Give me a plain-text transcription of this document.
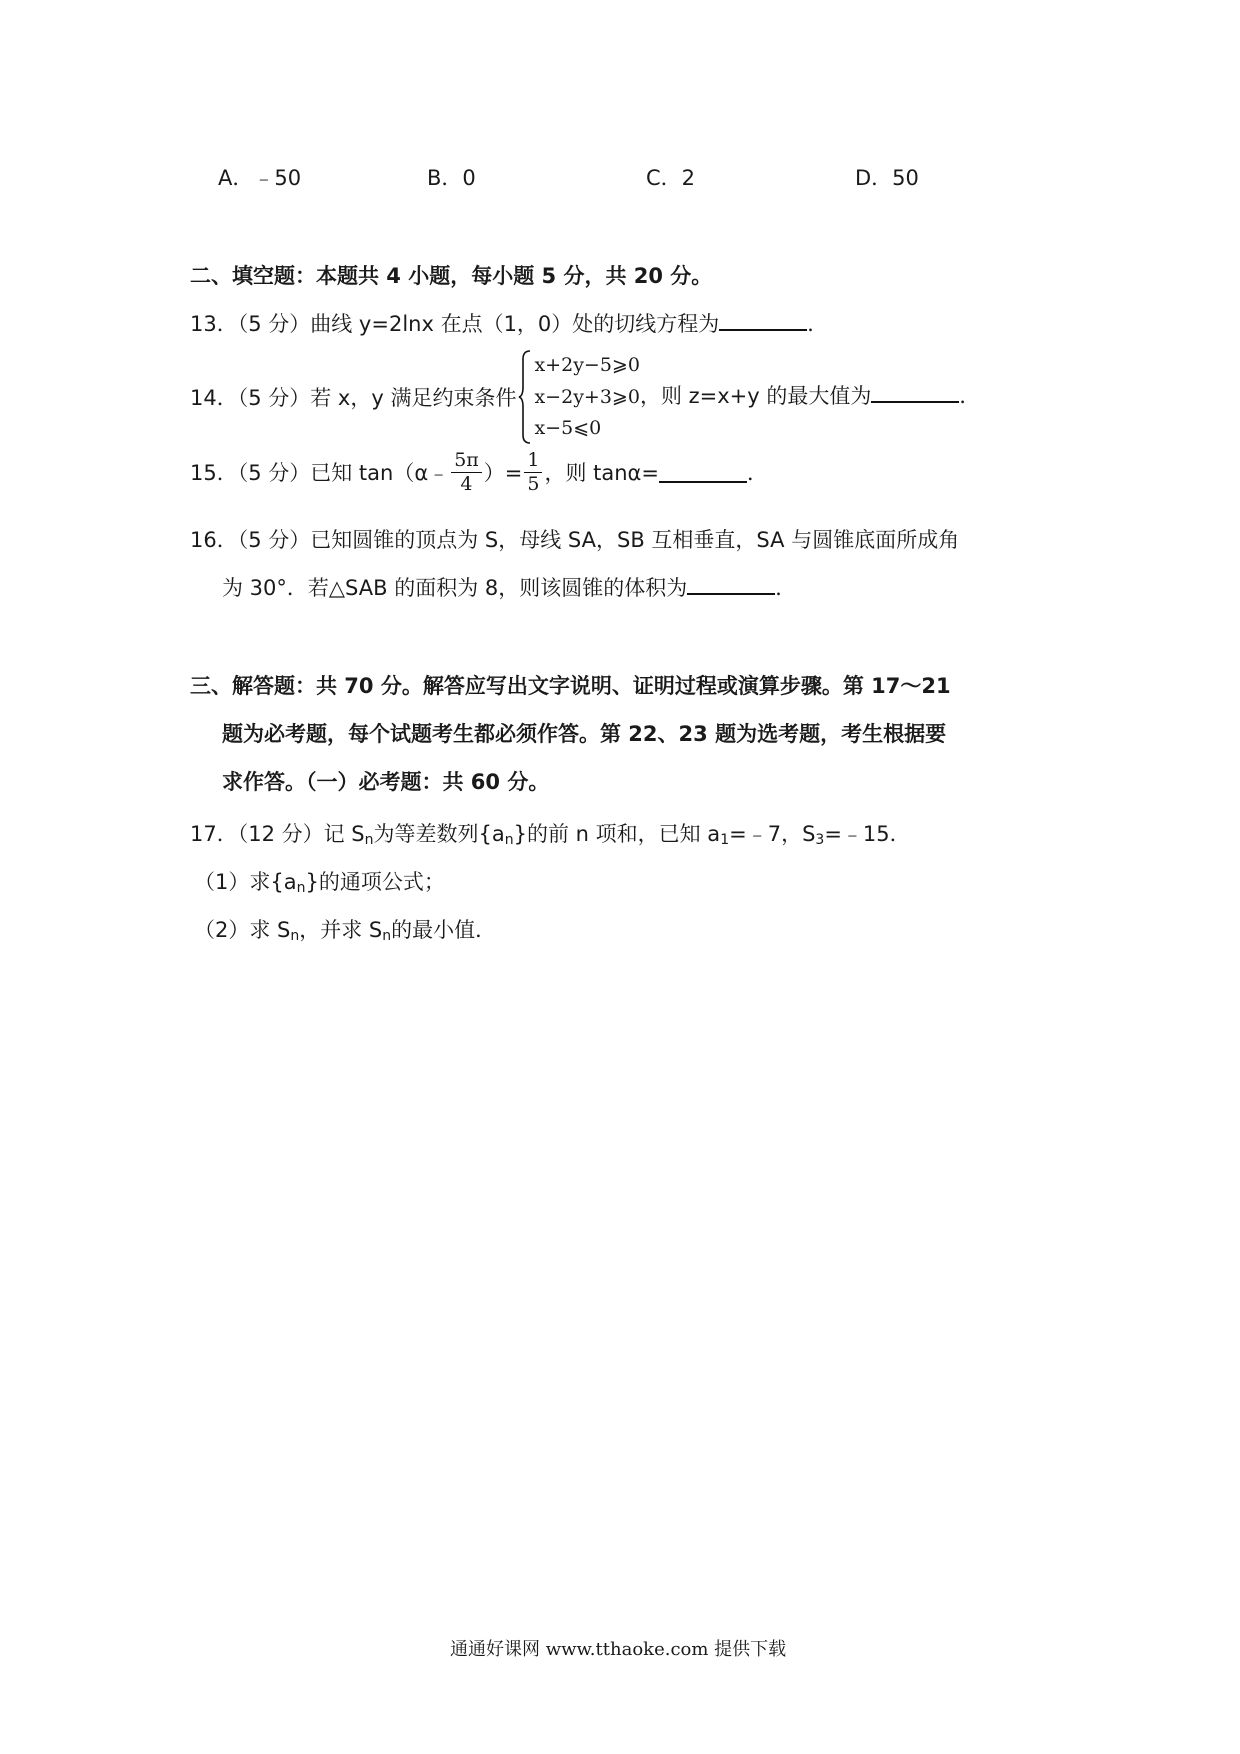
A．﹣50	B．0	C．2	D．50
二、填空题：本题共 4 小题，每小题 5 分，共 20 分。
13．（5 分）曲线 y=2lnx 在点（1，0）处的切线方程为	．
14．（5 分）若 x，y 满足约束条件
x+2y−5⩾0
x−2y+3⩾0，则 z=x+y 的最大值为	．
x−5⩽0
15．（5 分）已知 tan（α﹣ $\frac{5\pi}{4}$ ）= $\frac{1}{5}$ ，则 tanα=	．
16．（5 分）已知圆锥的顶点为 S，母线 SA，SB 互相垂直，SA 与圆锥底面所成角
为 30°．若△SAB 的面积为 8，则该圆锥的体积为	．
三、解答题：共 70 分。解答应写出文字说明、证明过程或演算步骤。第 17～21
题为必考题，每个试题考生都必须作答。第 22、23 题为选考题，考生根据要
求作答。（一）必考题：共 60 分。
17．（12 分）记 $S_n$为等差数列$\{a_n\}$的前 n 项和，已知 $a_1=﹣7$，$S_3=﹣15$．
（1）求$\{a_n\}$的通项公式；
（2）求 $S_n$，并求 $S_n$的最小值．
通通好课网 www.tthaoke.com 提供下载
